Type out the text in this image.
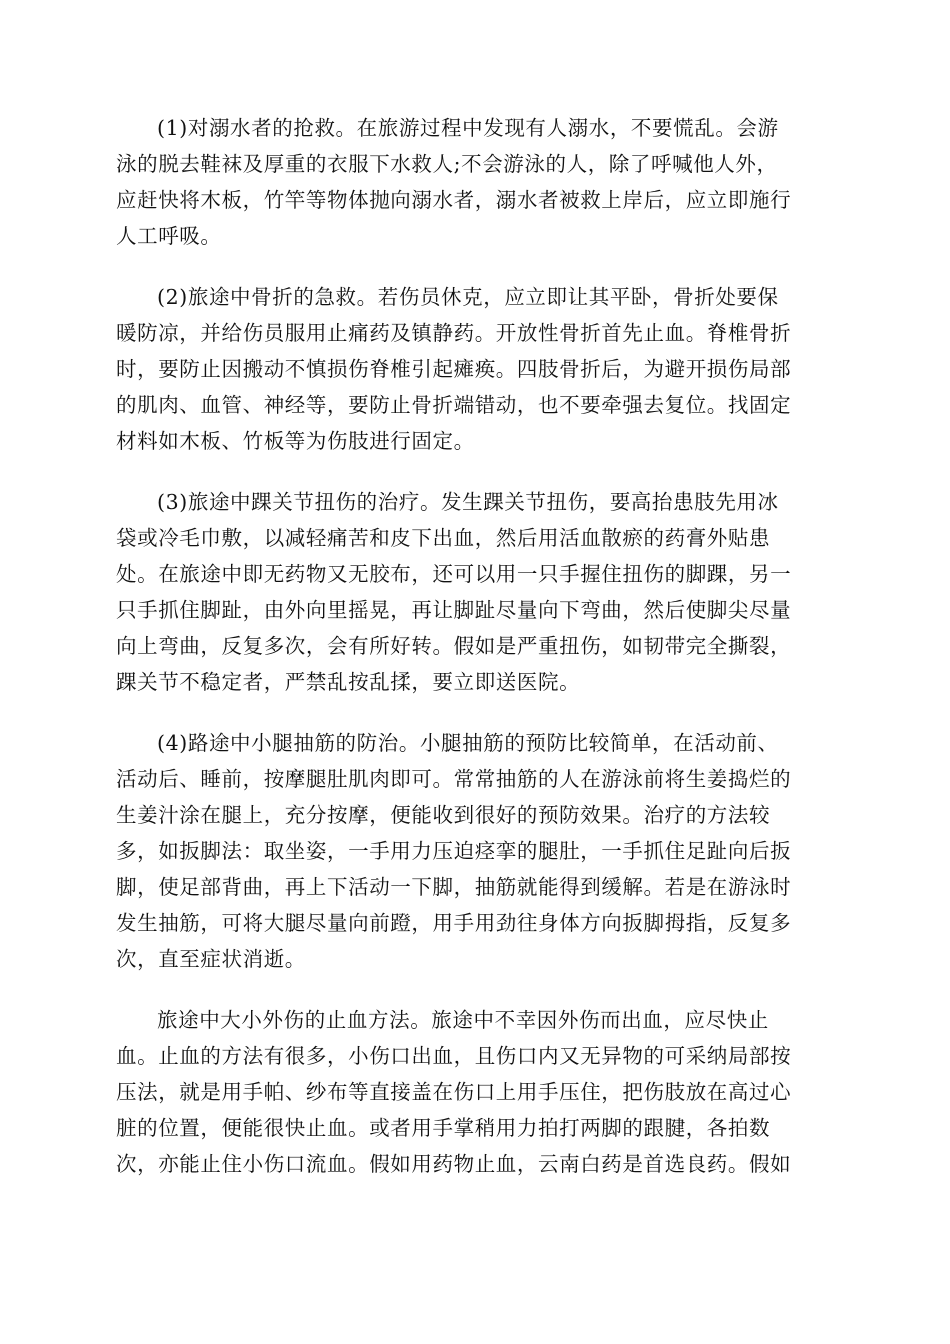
(1)对溺水者的抢救。在旅游过程中发现有人溺水，不要慌乱。会游
泳的脱去鞋袜及厚重的衣服下水救人;不会游泳的人，除了呼喊他人外，
应赶快将木板，竹竿等物体抛向溺水者，溺水者被救上岸后，应立即施行
人工呼吸。

(2)旅途中骨折的急救。若伤员休克，应立即让其平卧，骨折处要保
暖防凉，并给伤员服用止痛药及镇静药。开放性骨折首先止血。脊椎骨折
时，要防止因搬动不慎损伤脊椎引起瘫痪。四肢骨折后，为避开损伤局部
的肌肉、血管、神经等，要防止骨折端错动，也不要牵强去复位。找固定
材料如木板、竹板等为伤肢进行固定。

(3)旅途中踝关节扭伤的治疗。发生踝关节扭伤，要高抬患肢先用冰
袋或冷毛巾敷，以减轻痛苦和皮下出血，然后用活血散瘀的药膏外贴患
处。在旅途中即无药物又无胶布，还可以用一只手握住扭伤的脚踝，另一
只手抓住脚趾，由外向里摇晃，再让脚趾尽量向下弯曲，然后使脚尖尽量
向上弯曲，反复多次，会有所好转。假如是严重扭伤，如韧带完全撕裂，
踝关节不稳定者，严禁乱按乱揉，要立即送医院。

(4)路途中小腿抽筋的防治。小腿抽筋的预防比较简单，在活动前、
活动后、睡前，按摩腿肚肌肉即可。常常抽筋的人在游泳前将生姜捣烂的
生姜汁涂在腿上，充分按摩，便能收到很好的预防效果。治疗的方法较
多，如扳脚法：取坐姿，一手用力压迫痉挛的腿肚，一手抓住足趾向后扳
脚，使足部背曲，再上下活动一下脚，抽筋就能得到缓解。若是在游泳时
发生抽筋，可将大腿尽量向前蹬，用手用劲往身体方向扳脚拇指，反复多
次，直至症状消逝。

旅途中大小外伤的止血方法。旅途中不幸因外伤而出血，应尽快止
血。止血的方法有很多，小伤口出血，且伤口内又无异物的可采纳局部按
压法，就是用手帕、纱布等直接盖在伤口上用手压住，把伤肢放在高过心
脏的位置，便能很快止血。或者用手掌稍用力拍打两脚的跟腱，各拍数
次，亦能止住小伤口流血。假如用药物止血，云南白药是首选良药。假如
